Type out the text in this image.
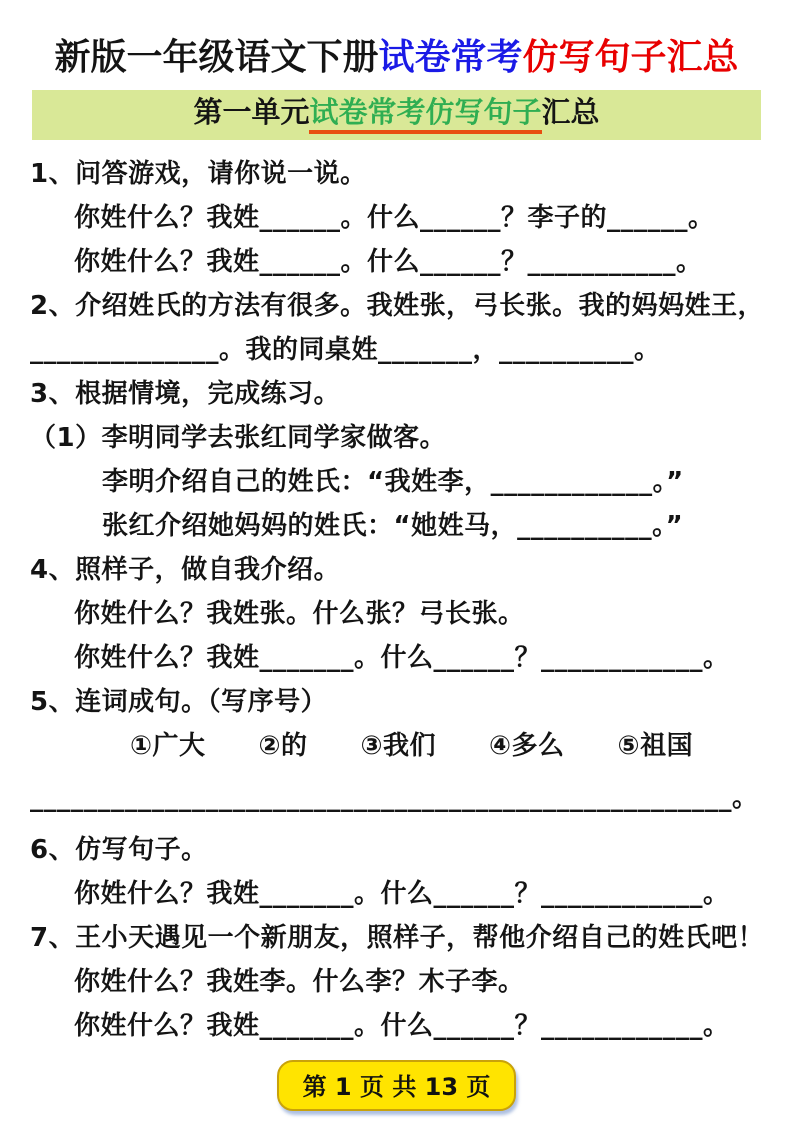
新版一年级语文下册试卷常考仿写句子汇总
第一单元试卷常考仿写句子汇总

1、问答游戏，请你说一说。

你姓什么？我姓______。什么______？李子的______。

你姓什么？我姓______。什么______？___________。

2、介绍姓氏的方法有很多。我姓张，弓长张。我的妈妈姓王，

______________。我的同桌姓_______，__________。

3、根据情境，完成练习。

（1）李明同学去张红同学家做客。

李明介绍自己的姓氏：“我姓李，____________。”

张红介绍她妈妈的姓氏：“她姓马，__________。”

4、照样子，做自我介绍。

你姓什么？我姓张。什么张？弓长张。

你姓什么？我姓_______。什么______？____________。

5、连词成句。（写序号）

①广大　　②的　　③我们　　④多么　　⑤祖国

____________________________________________________。

6、仿写句子。

你姓什么？我姓_______。什么______？____________。

7、王小天遇见一个新朋友，照样子，帮他介绍自己的姓氏吧！

你姓什么？我姓李。什么李？木子李。

你姓什么？我姓_______。什么______？____________。

第 1 页 共 13 页
